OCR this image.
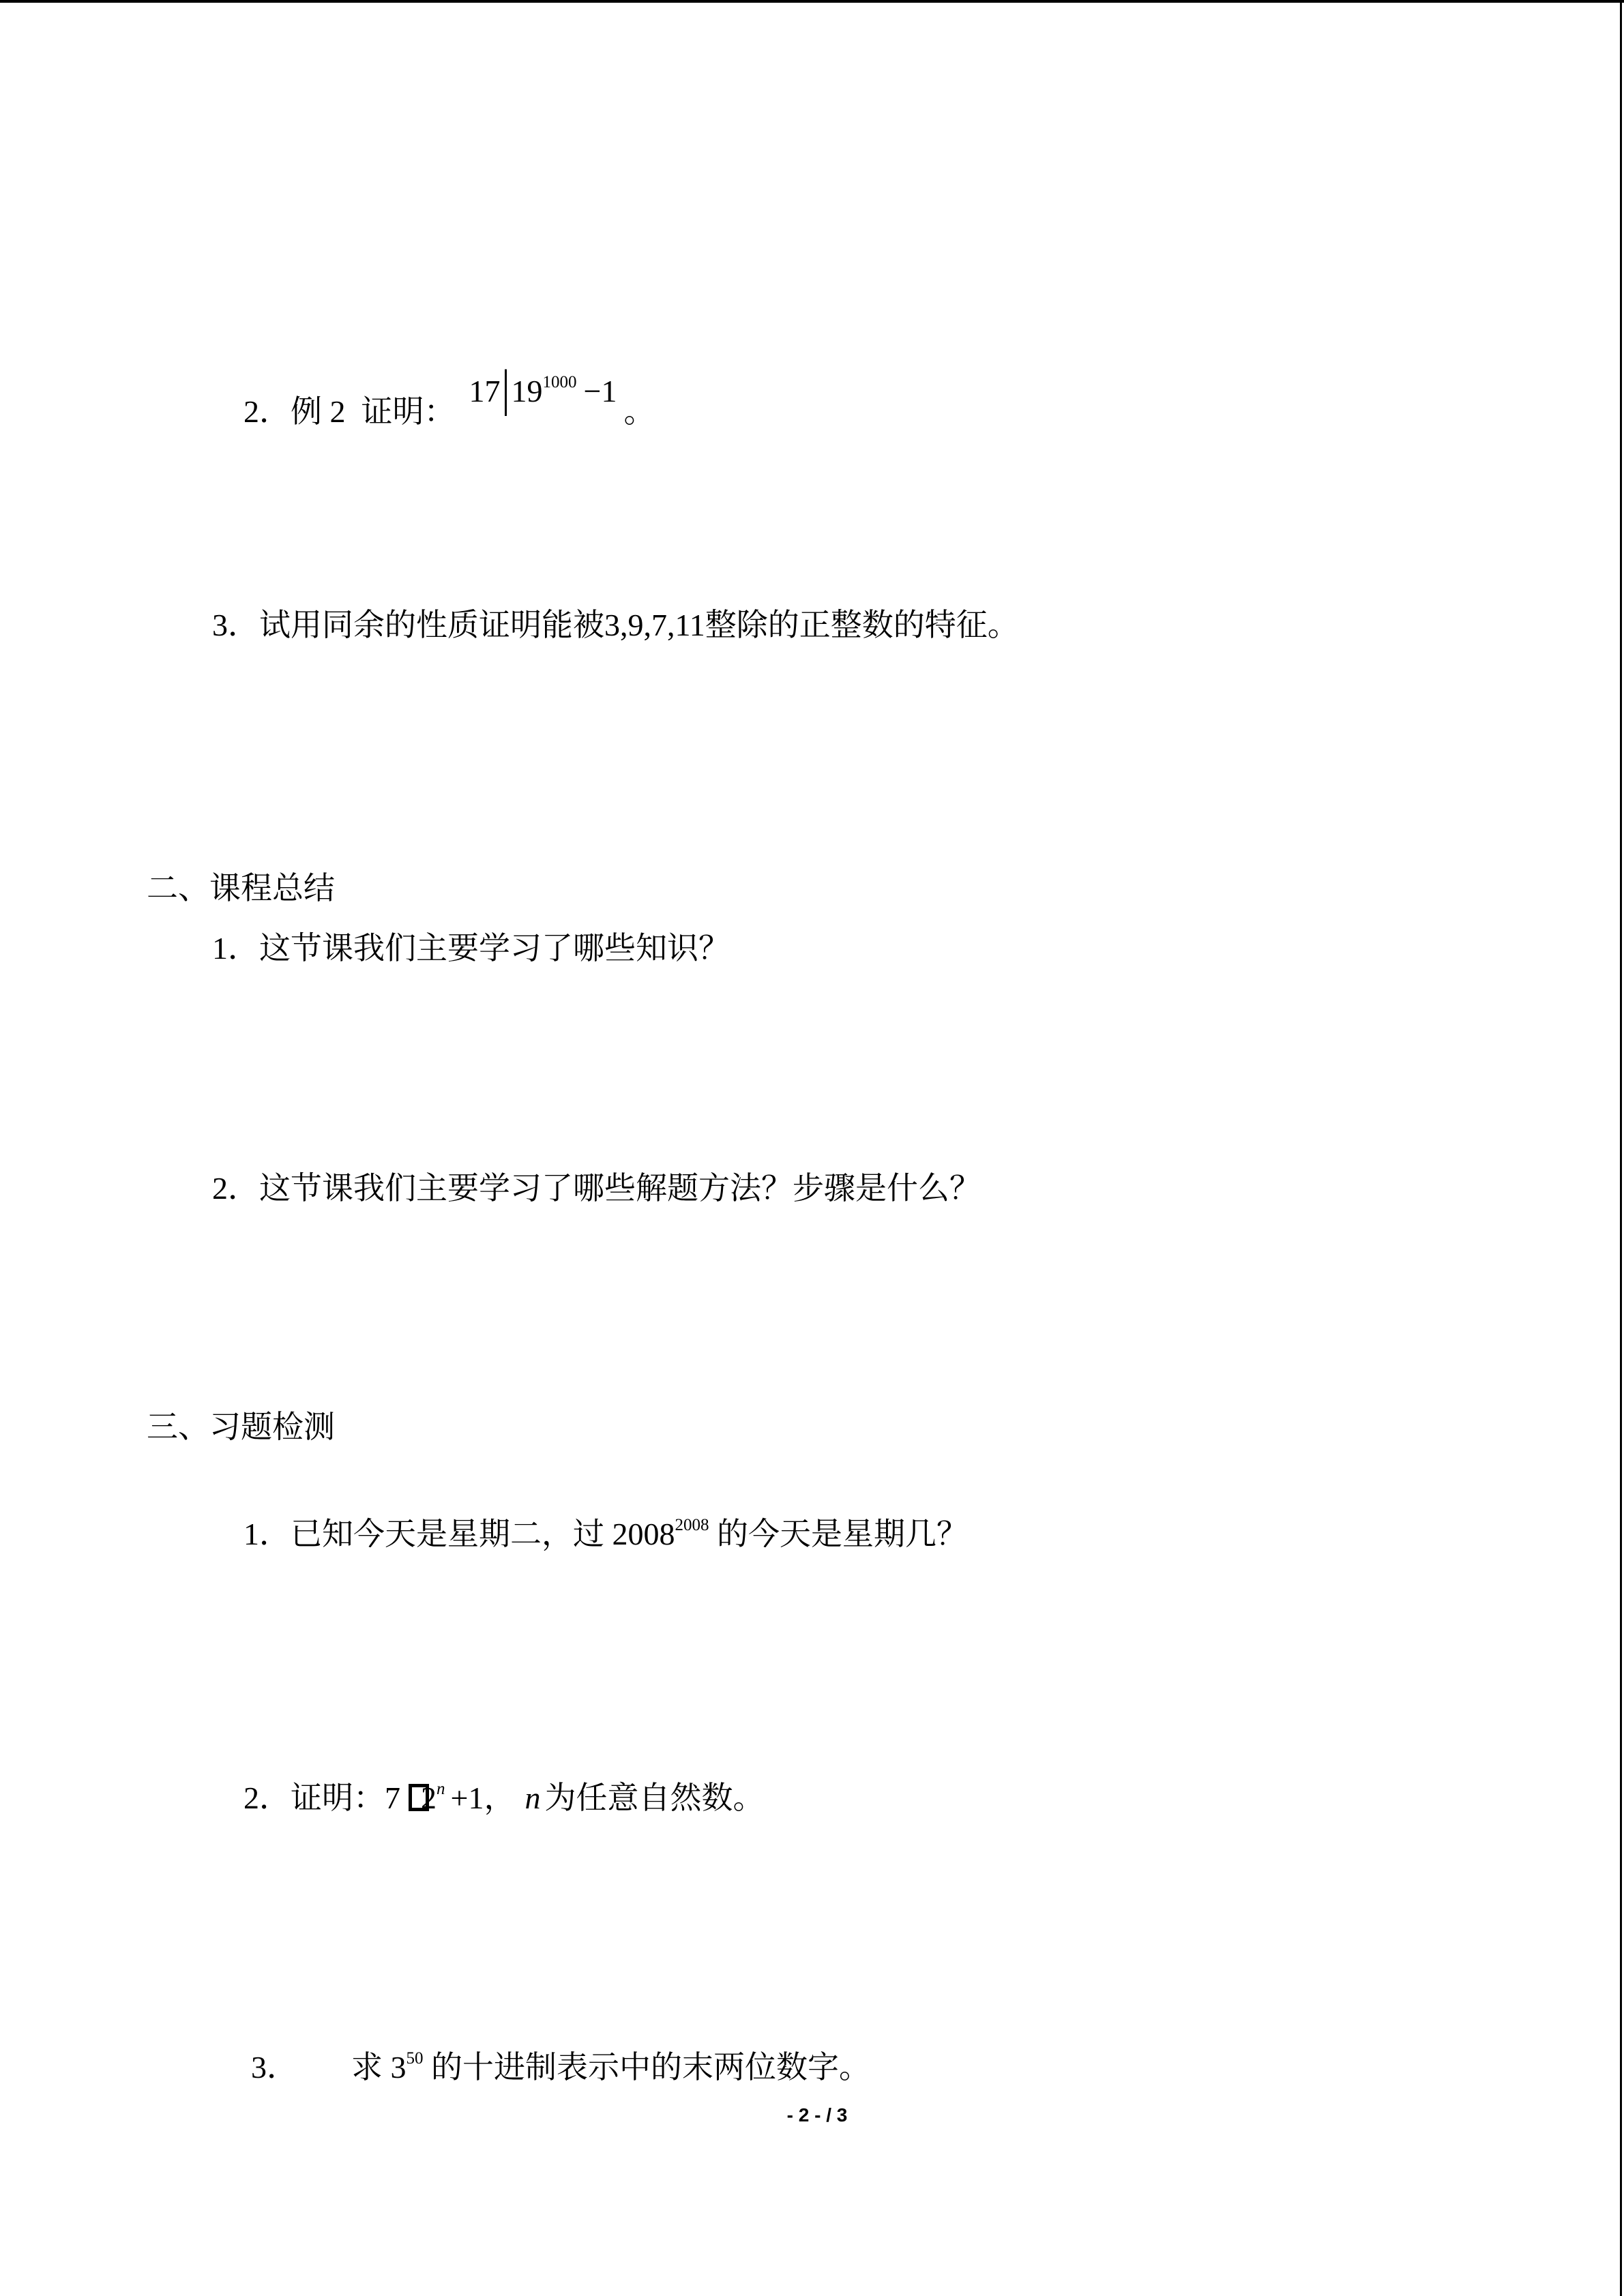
2．例 2  证明：$17|19^{1000} -1$。

3．试用同余的性质证明能被3,9,7,11整除的正整数的特征。
二、课程总结
1．这节课我们主要学习了哪些知识？
2．这节课我们主要学习了哪些解题方法？步骤是什么？
三、习题检测

1．已知今天是星期二，过 $2008^{2008}$ 的今天是星期几？

2．证明：7 $2^n +1$， n 为任意自然数。

3． 求 $3^{50}$ 的十进制表示中的末两位数字。

- 2 - / 3
